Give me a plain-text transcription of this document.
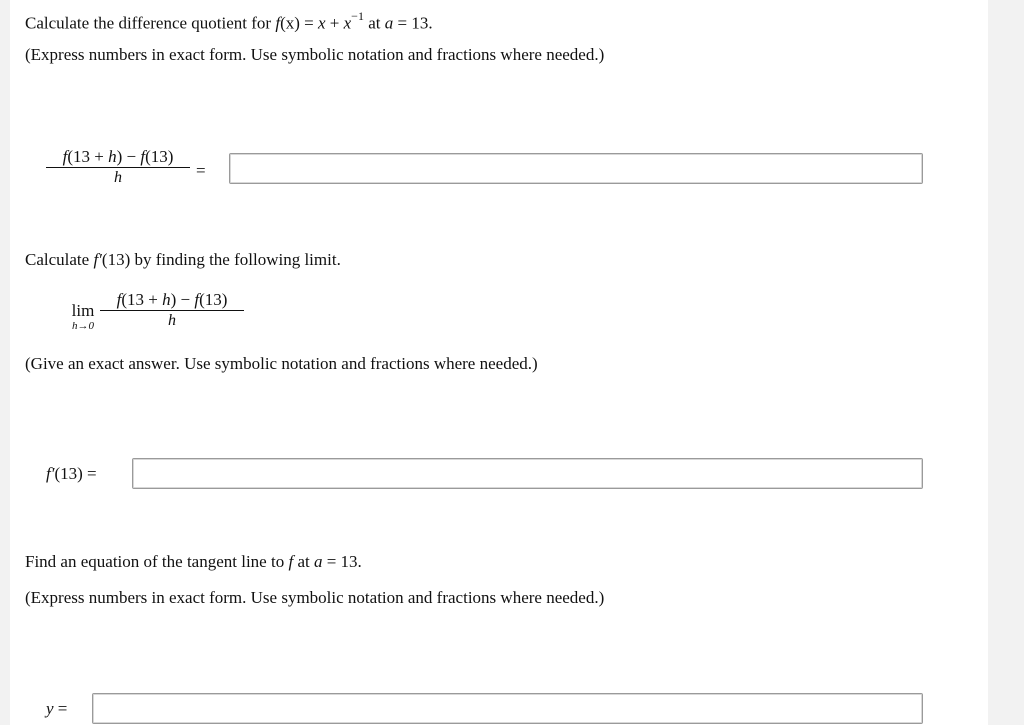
Calculate the difference quotient for $f(x) = x + x^{-1}$ at a = 13.
(Express numbers in exact form. Use symbolic notation and fractions where needed.)
f(13 + h) − f(13)
h	=
Calculate f′(13) by finding the following limit.
lim
h→0
f(13 + h) − f(13)
h
(Give an exact answer. Use symbolic notation and fractions where needed.)
f′(13) =
Find an equation of the tangent line to f at a = 13.
(Express numbers in exact form. Use symbolic notation and fractions where needed.)
y =
